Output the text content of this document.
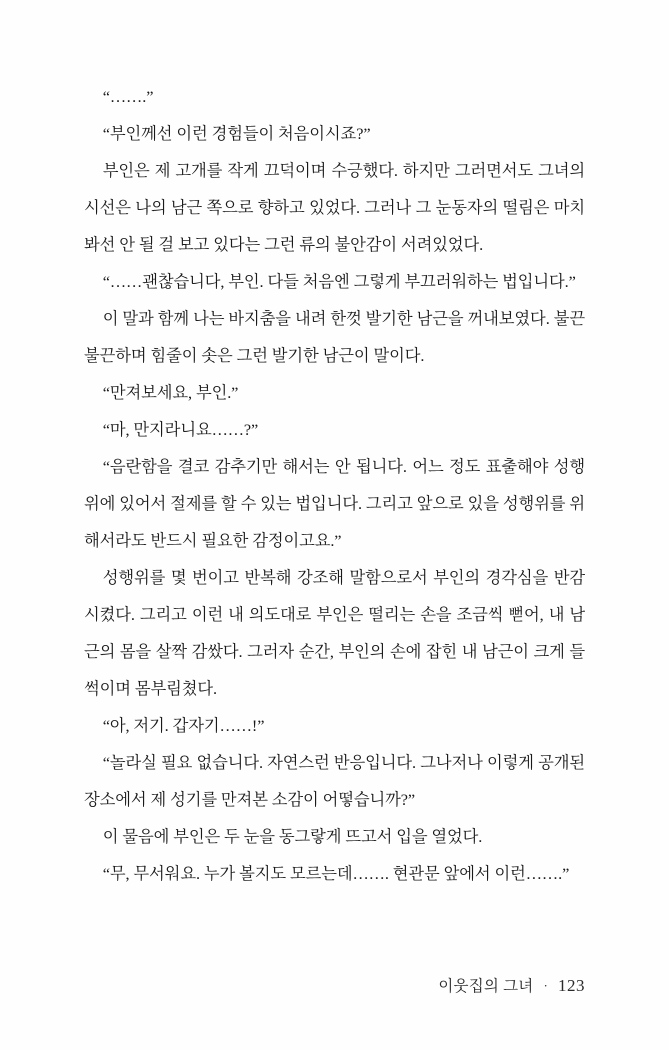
“…….”

“부인께선 이런 경험들이 처음이시죠?”

부인은 제 고개를 작게 끄덕이며 수긍했다. 하지만 그러면서도 그녀의 시선은 나의 남근 쪽으로 향하고 있었다. 그러나 그 눈동자의 떨림은 마치 봐선 안 될 걸 보고 있다는 그런 류의 불안감이 서려있었다.

“……괜찮습니다, 부인. 다들 처음엔 그렇게 부끄러워하는 법입니다.”

이 말과 함께 나는 바지춤을 내려 한껏 발기한 남근을 꺼내보였다. 불끈불끈하며 힘줄이 솟은 그런 발기한 남근이 말이다.

“만져보세요, 부인.”

“마, 만지라니요……?”

“음란함을 결코 감추기만 해서는 안 됩니다. 어느 정도 표출해야 성행위에 있어서 절제를 할 수 있는 법입니다. 그리고 앞으로 있을 성행위를 위해서라도 반드시 필요한 감정이고요.”

성행위를 몇 번이고 반복해 강조해 말함으로서 부인의 경각심을 반감시켰다. 그리고 이런 내 의도대로 부인은 떨리는 손을 조금씩 뻗어, 내 남근의 몸을 살짝 감쌌다. 그러자 순간, 부인의 손에 잡힌 내 남근이 크게 들썩이며 몸부림쳤다.

“아, 저기. 갑자기……!”

“놀라실 필요 없습니다. 자연스런 반응입니다. 그나저나 이렇게 공개된 장소에서 제 성기를 만져본 소감이 어떻습니까?”

이 물음에 부인은 두 눈을 동그랗게 뜨고서 입을 열었다.

“무, 무서워요. 누가 볼지도 모르는데……. 현관문 앞에서 이런…….”

이웃집의 그녀 · 123
